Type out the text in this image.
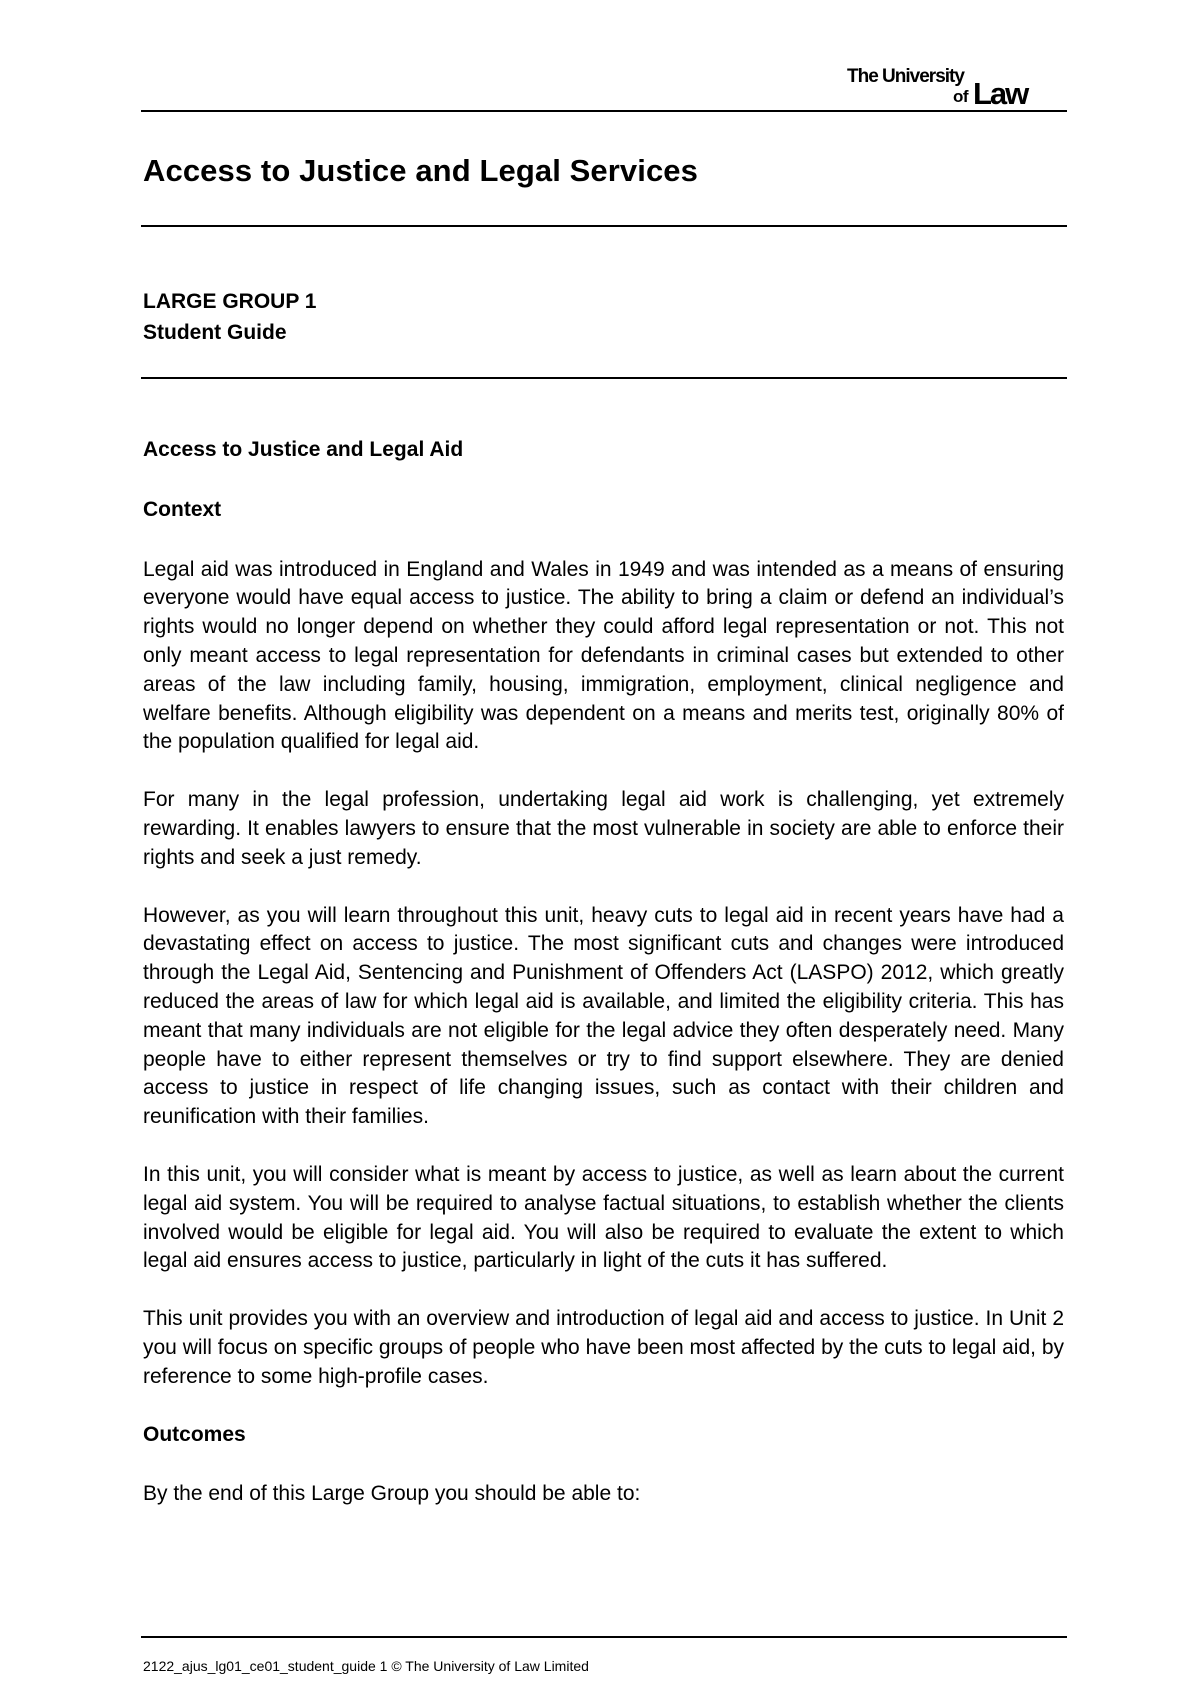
The University
of Law
Access to Justice and Legal Services
LARGE GROUP 1
Student Guide
Access to Justice and Legal Aid
Context

Legal aid was introduced in England and Wales in 1949 and was intended as a means of ensuring everyone would have equal access to justice. The ability to bring a claim or defend an individual’s rights would no longer depend on whether they could afford legal representation or not. This not only meant access to legal representation for defendants in criminal cases but extended to other areas of the law including family, housing, immigration, employment, clinical negligence and welfare benefits. Although eligibility was dependent on a means and merits test, originally 80% of the population qualified for legal aid.

For many in the legal profession, undertaking legal aid work is challenging, yet extremely rewarding. It enables lawyers to ensure that the most vulnerable in society are able to enforce their rights and seek a just remedy.

However, as you will learn throughout this unit, heavy cuts to legal aid in recent years have had a devastating effect on access to justice. The most significant cuts and changes were introduced through the Legal Aid, Sentencing and Punishment of Offenders Act (LASPO) 2012, which greatly reduced the areas of law for which legal aid is available, and limited the eligibility criteria. This has meant that many individuals are not eligible for the legal advice they often desperately need. Many people have to either represent themselves or try to find support elsewhere. They are denied access to justice in respect of life changing issues, such as contact with their children and reunification with their families.

In this unit, you will consider what is meant by access to justice, as well as learn about the current legal aid system. You will be required to analyse factual situations, to establish whether the clients involved would be eligible for legal aid. You will also be required to evaluate the extent to which legal aid ensures access to justice, particularly in light of the cuts it has suffered.

This unit provides you with an overview and introduction of legal aid and access to justice. In Unit 2 you will focus on specific groups of people who have been most affected by the cuts to legal aid, by reference to some high-profile cases.

Outcomes

By the end of this Large Group you should be able to:

2122_ajus_lg01_ce01_student_guide 1 © The University of Law Limited
